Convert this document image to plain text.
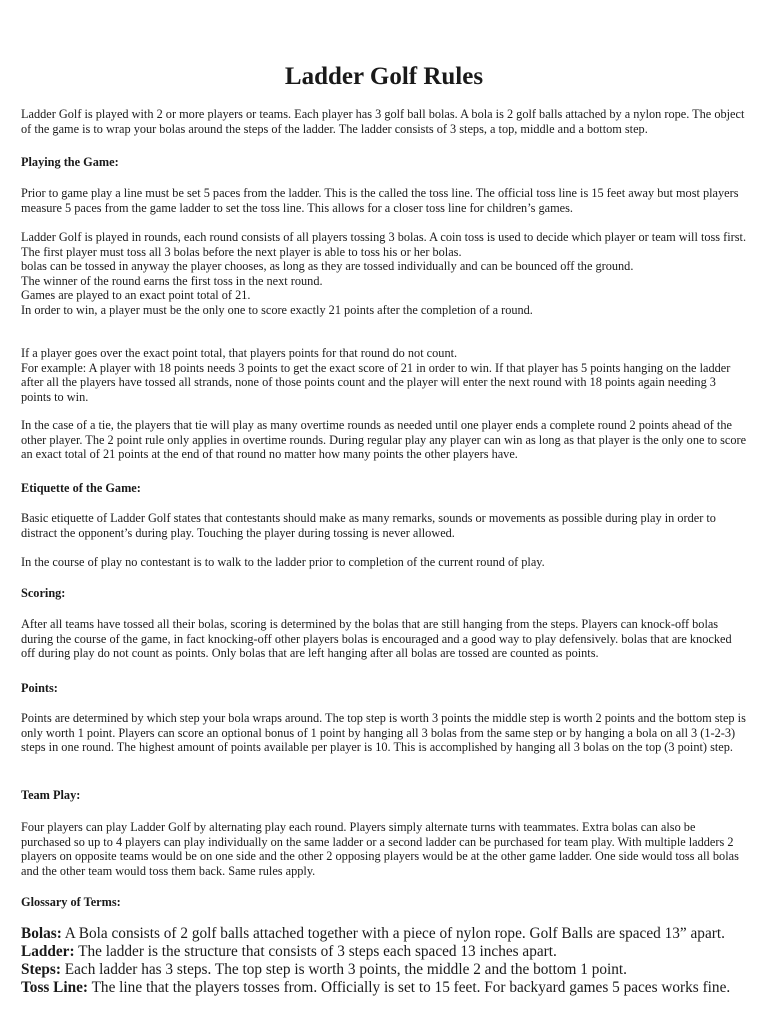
Ladder Golf Rules

Ladder Golf is played with 2 or more players or teams. Each player has 3 golf ball bolas. A bola is 2 golf balls attached by a nylon rope. The object of the game is to wrap your bolas around the steps of the ladder. The ladder consists of 3 steps, a top, middle and a bottom step.

Playing the Game:

Prior to game play a line must be set 5 paces from the ladder. This is the called the toss line. The official toss line is 15 feet away but most players measure 5 paces from the game ladder to set the toss line. This allows for a closer toss line for children’s games.

Ladder Golf is played in rounds, each round consists of all players tossing 3 bolas. A coin toss is used to decide which player or team will toss first.

The first player must toss all 3 bolas before the next player is able to toss his or her bolas.

bolas can be tossed in anyway the player chooses, as long as they are tossed individually and can be bounced off the ground.

The winner of the round earns the first toss in the next round.

Games are played to an exact point total of 21.

In order to win, a player must be the only one to score exactly 21 points after the completion of a round.

If a player goes over the exact point total, that players points for that round do not count.

For example: A player with 18 points needs 3 points to get the exact score of 21 in order to win. If that player has 5 points hanging on the ladder after all the players have tossed all strands, none of those points count and the player will enter the next round with 18 points again needing 3 points to win.

In the case of a tie, the players that tie will play as many overtime rounds as needed until one player ends a complete round 2 points ahead of the other player. The 2 point rule only applies in overtime rounds. During regular play any player can win as long as that player is the only one to score an exact total of 21 points at the end of that round no matter how many points the other players have.

Etiquette of the Game:

Basic etiquette of Ladder Golf states that contestants should make as many remarks, sounds or movements as possible during play in order to distract the opponent’s during play. Touching the player during tossing is never allowed.

In the course of play no contestant is to walk to the ladder prior to completion of the current round of play.

Scoring:

After all teams have tossed all their bolas, scoring is determined by the bolas that are still hanging from the steps. Players can knock-off bolas during the course of the game, in fact knocking-off other players bolas is encouraged and a good way to play defensively. bolas that are knocked off during play do not count as points. Only bolas that are left hanging after all bolas are tossed are counted as points.

Points:

Points are determined by which step your bola wraps around. The top step is worth 3 points the middle step is worth 2 points and the bottom step is only worth 1 point. Players can score an optional bonus of 1 point by hanging all 3 bolas from the same step or by hanging a bola on all 3 (1-2-3) steps in one round. The highest amount of points available per player is 10. This is accomplished by hanging all 3 bolas on the top (3 point) step.

Team Play:

Four players can play Ladder Golf by alternating play each round. Players simply alternate turns with teammates. Extra bolas can also be purchased so up to 4 players can play individually on the same ladder or a second ladder can be purchased for team play. With multiple ladders 2 players on opposite teams would be on one side and the other 2 opposing players would be at the other game ladder. One side would toss all bolas and the other team would toss them back. Same rules apply.

Glossary of Terms:

Bolas: A Bola consists of 2 golf balls attached together with a piece of nylon rope. Golf Balls are spaced 13” apart.

Ladder: The ladder is the structure that consists of 3 steps each spaced 13 inches apart.

Steps: Each ladder has 3 steps. The top step is worth 3 points, the middle 2 and the bottom 1 point.

Toss Line: The line that the players tosses from. Officially is set to 15 feet. For backyard games 5 paces works fine.
